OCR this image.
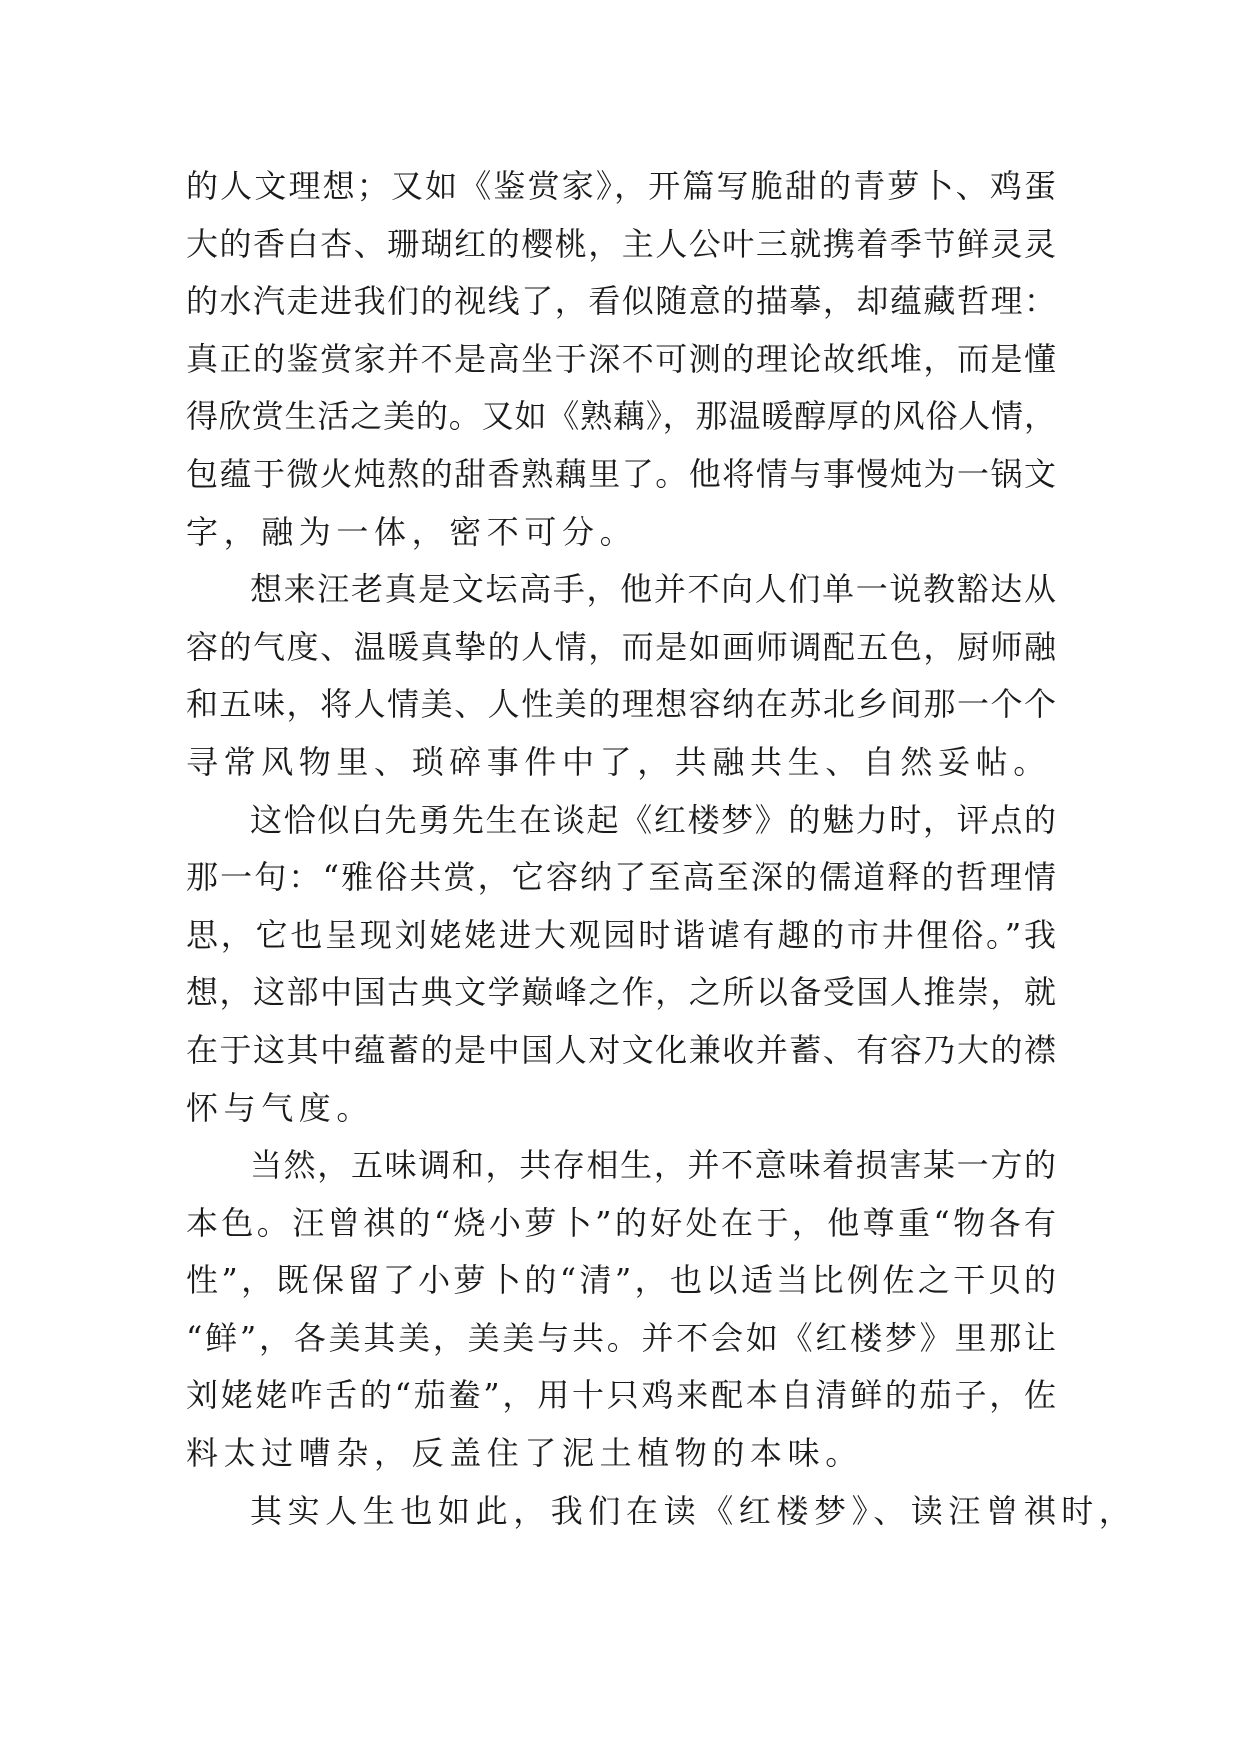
的人文理想；又如《鉴赏家》，开篇写脆甜的青萝卜、鸡蛋
大的香白杏、珊瑚红的樱桃，主人公叶三就携着季节鲜灵灵
的水汽走进我们的视线了，看似随意的描摹，却蕴藏哲理：
真正的鉴赏家并不是高坐于深不可测的理论故纸堆，而是懂
得欣赏生活之美的。又如《熟藕》，那温暖醇厚的风俗人情，
包蕴于微火炖熬的甜香熟藕里了。他将情与事慢炖为一锅文
字，融为一体，密不可分。
想来汪老真是文坛高手，他并不向人们单一说教豁达从
容的气度、温暖真挚的人情，而是如画师调配五色，厨师融
和五味，将人情美、人性美的理想容纳在苏北乡间那一个个
寻常风物里、琐碎事件中了，共融共生、自然妥帖。
这恰似白先勇先生在谈起《红楼梦》的魅力时，评点的
那一句：“雅俗共赏，它容纳了至高至深的儒道释的哲理情
思，它也呈现刘姥姥进大观园时谐谑有趣的市井俚俗。”我
想，这部中国古典文学巅峰之作，之所以备受国人推崇，就
在于这其中蕴蓄的是中国人对文化兼收并蓄、有容乃大的襟
怀与气度。
当然，五味调和，共存相生，并不意味着损害某一方的
本色。汪曾祺的“烧小萝卜”的好处在于，他尊重“物各有
性”，既保留了小萝卜的“清”，也以适当比例佐之干贝的
“鲜”，各美其美，美美与共。并不会如《红楼梦》里那让
刘姥姥咋舌的“茄鲞”，用十只鸡来配本自清鲜的茄子，佐
料太过嘈杂，反盖住了泥土植物的本味。
其实人生也如此，我们在读《红楼梦》、读汪曾祺时，
